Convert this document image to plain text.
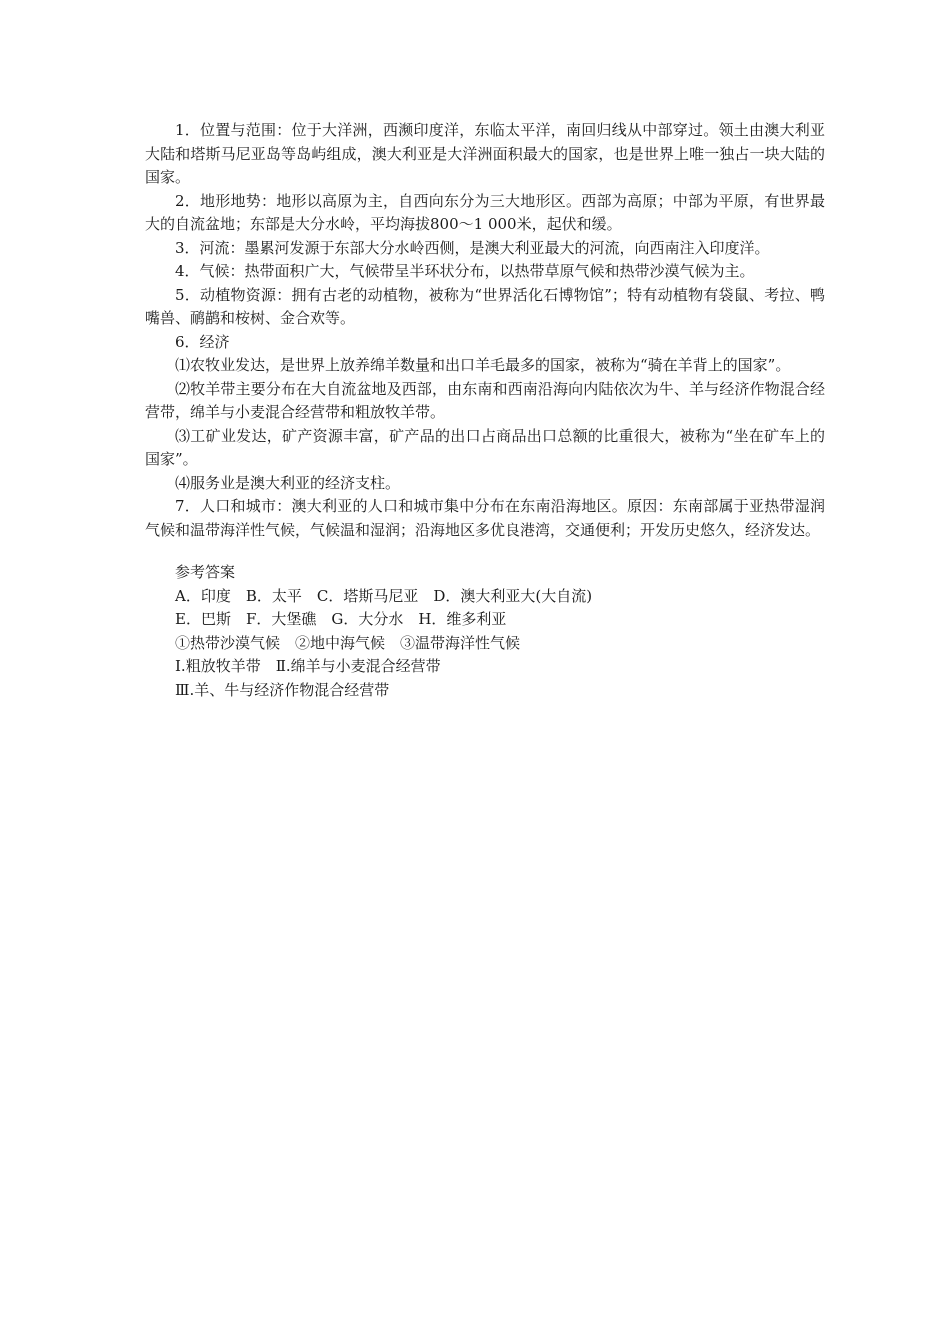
1．位置与范围：位于大洋洲，西濒印度洋，东临太平洋，南回归线从中部穿过。领土由澳大利亚大陆和塔斯马尼亚岛等岛屿组成，澳大利亚是大洋洲面积最大的国家，也是世界上唯一独占一块大陆的国家。

2．地形地势：地形以高原为主，自西向东分为三大地形区。西部为高原；中部为平原，有世界最大的自流盆地；东部是大分水岭，平均海拔800～1 000米，起伏和缓。

3．河流：墨累河发源于东部大分水岭西侧，是澳大利亚最大的河流，向西南注入印度洋。

4．气候：热带面积广大，气候带呈半环状分布，以热带草原气候和热带沙漠气候为主。

5．动植物资源：拥有古老的动植物，被称为“世界活化石博物馆”；特有动植物有袋鼠、考拉、鸭嘴兽、鸸鹋和桉树、金合欢等。

6．经济

⑴农牧业发达，是世界上放养绵羊数量和出口羊毛最多的国家，被称为“骑在羊背上的国家”。

⑵牧羊带主要分布在大自流盆地及西部，由东南和西南沿海向内陆依次为牛、羊与经济作物混合经营带，绵羊与小麦混合经营带和粗放牧羊带。

⑶工矿业发达，矿产资源丰富，矿产品的出口占商品出口总额的比重很大，被称为“坐在矿车上的国家”。

⑷服务业是澳大利亚的经济支柱。

7．人口和城市：澳大利亚的人口和城市集中分布在东南沿海地区。原因：东南部属于亚热带湿润气候和温带海洋性气候，气候温和湿润；沿海地区多优良港湾，交通便利；开发历史悠久，经济发达。

参考答案

A．印度　B．太平　C．塔斯马尼亚　D．澳大利亚大(大自流)

E．巴斯　F．大堡礁　G．大分水　H．维多利亚

①热带沙漠气候　②地中海气候　③温带海洋性气候

Ⅰ.粗放牧羊带　Ⅱ.绵羊与小麦混合经营带

Ⅲ.羊、牛与经济作物混合经营带
